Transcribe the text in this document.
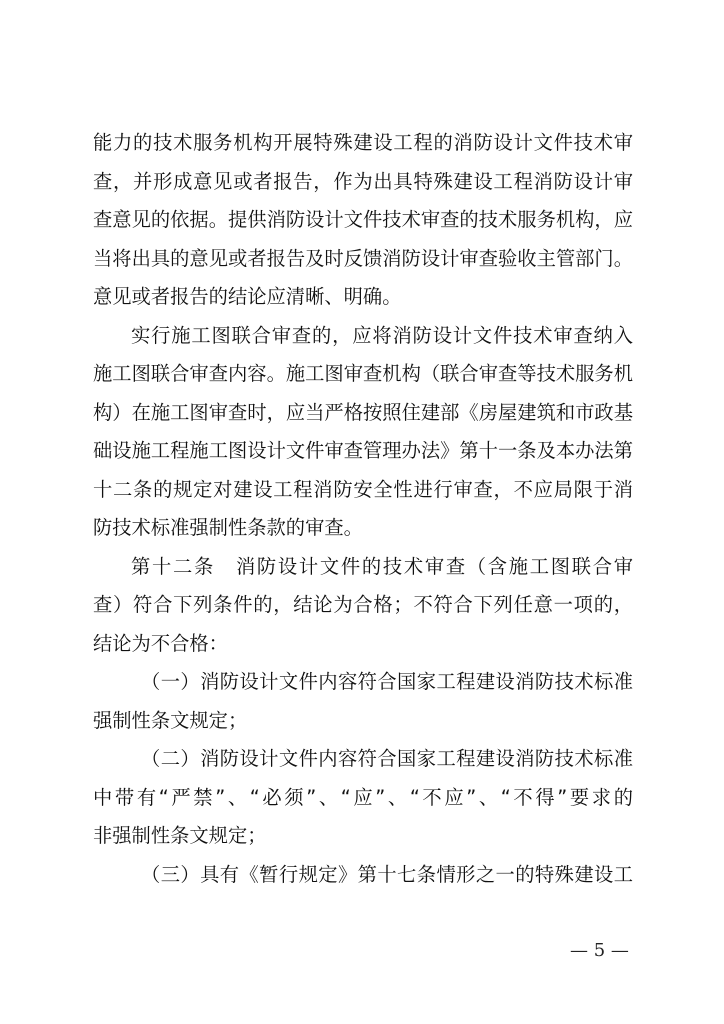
能力的技术服务机构开展特殊建设工程的消防设计文件技术审
查，并形成意见或者报告，作为出具特殊建设工程消防设计审
查意见的依据。提供消防设计文件技术审查的技术服务机构，应
当将出具的意见或者报告及时反馈消防设计审查验收主管部门。
意见或者报告的结论应清晰、明确。
实行施工图联合审查的，应将消防设计文件技术审查纳入
施工图联合审查内容。施工图审查机构（联合审查等技术服务机
构）在施工图审查时，应当严格按照住建部《房屋建筑和市政基
础设施工程施工图设计文件审查管理办法》第十一条及本办法第
十二条的规定对建设工程消防安全性进行审查，不应局限于消
防技术标准强制性条款的审查。
第十二条　消防设计文件的技术审查（含施工图联合审
查）符合下列条件的，结论为合格；不符合下列任意一项的，
结论为不合格：
（一）消防设计文件内容符合国家工程建设消防技术标准
强制性条文规定；
（二）消防设计文件内容符合国家工程建设消防技术标准
中带有“严禁”、“必须”、“应”、“不应”、“不得”要求的
非强制性条文规定；
（三）具有《暂行规定》第十七条情形之一的特殊建设工
— 5 —
